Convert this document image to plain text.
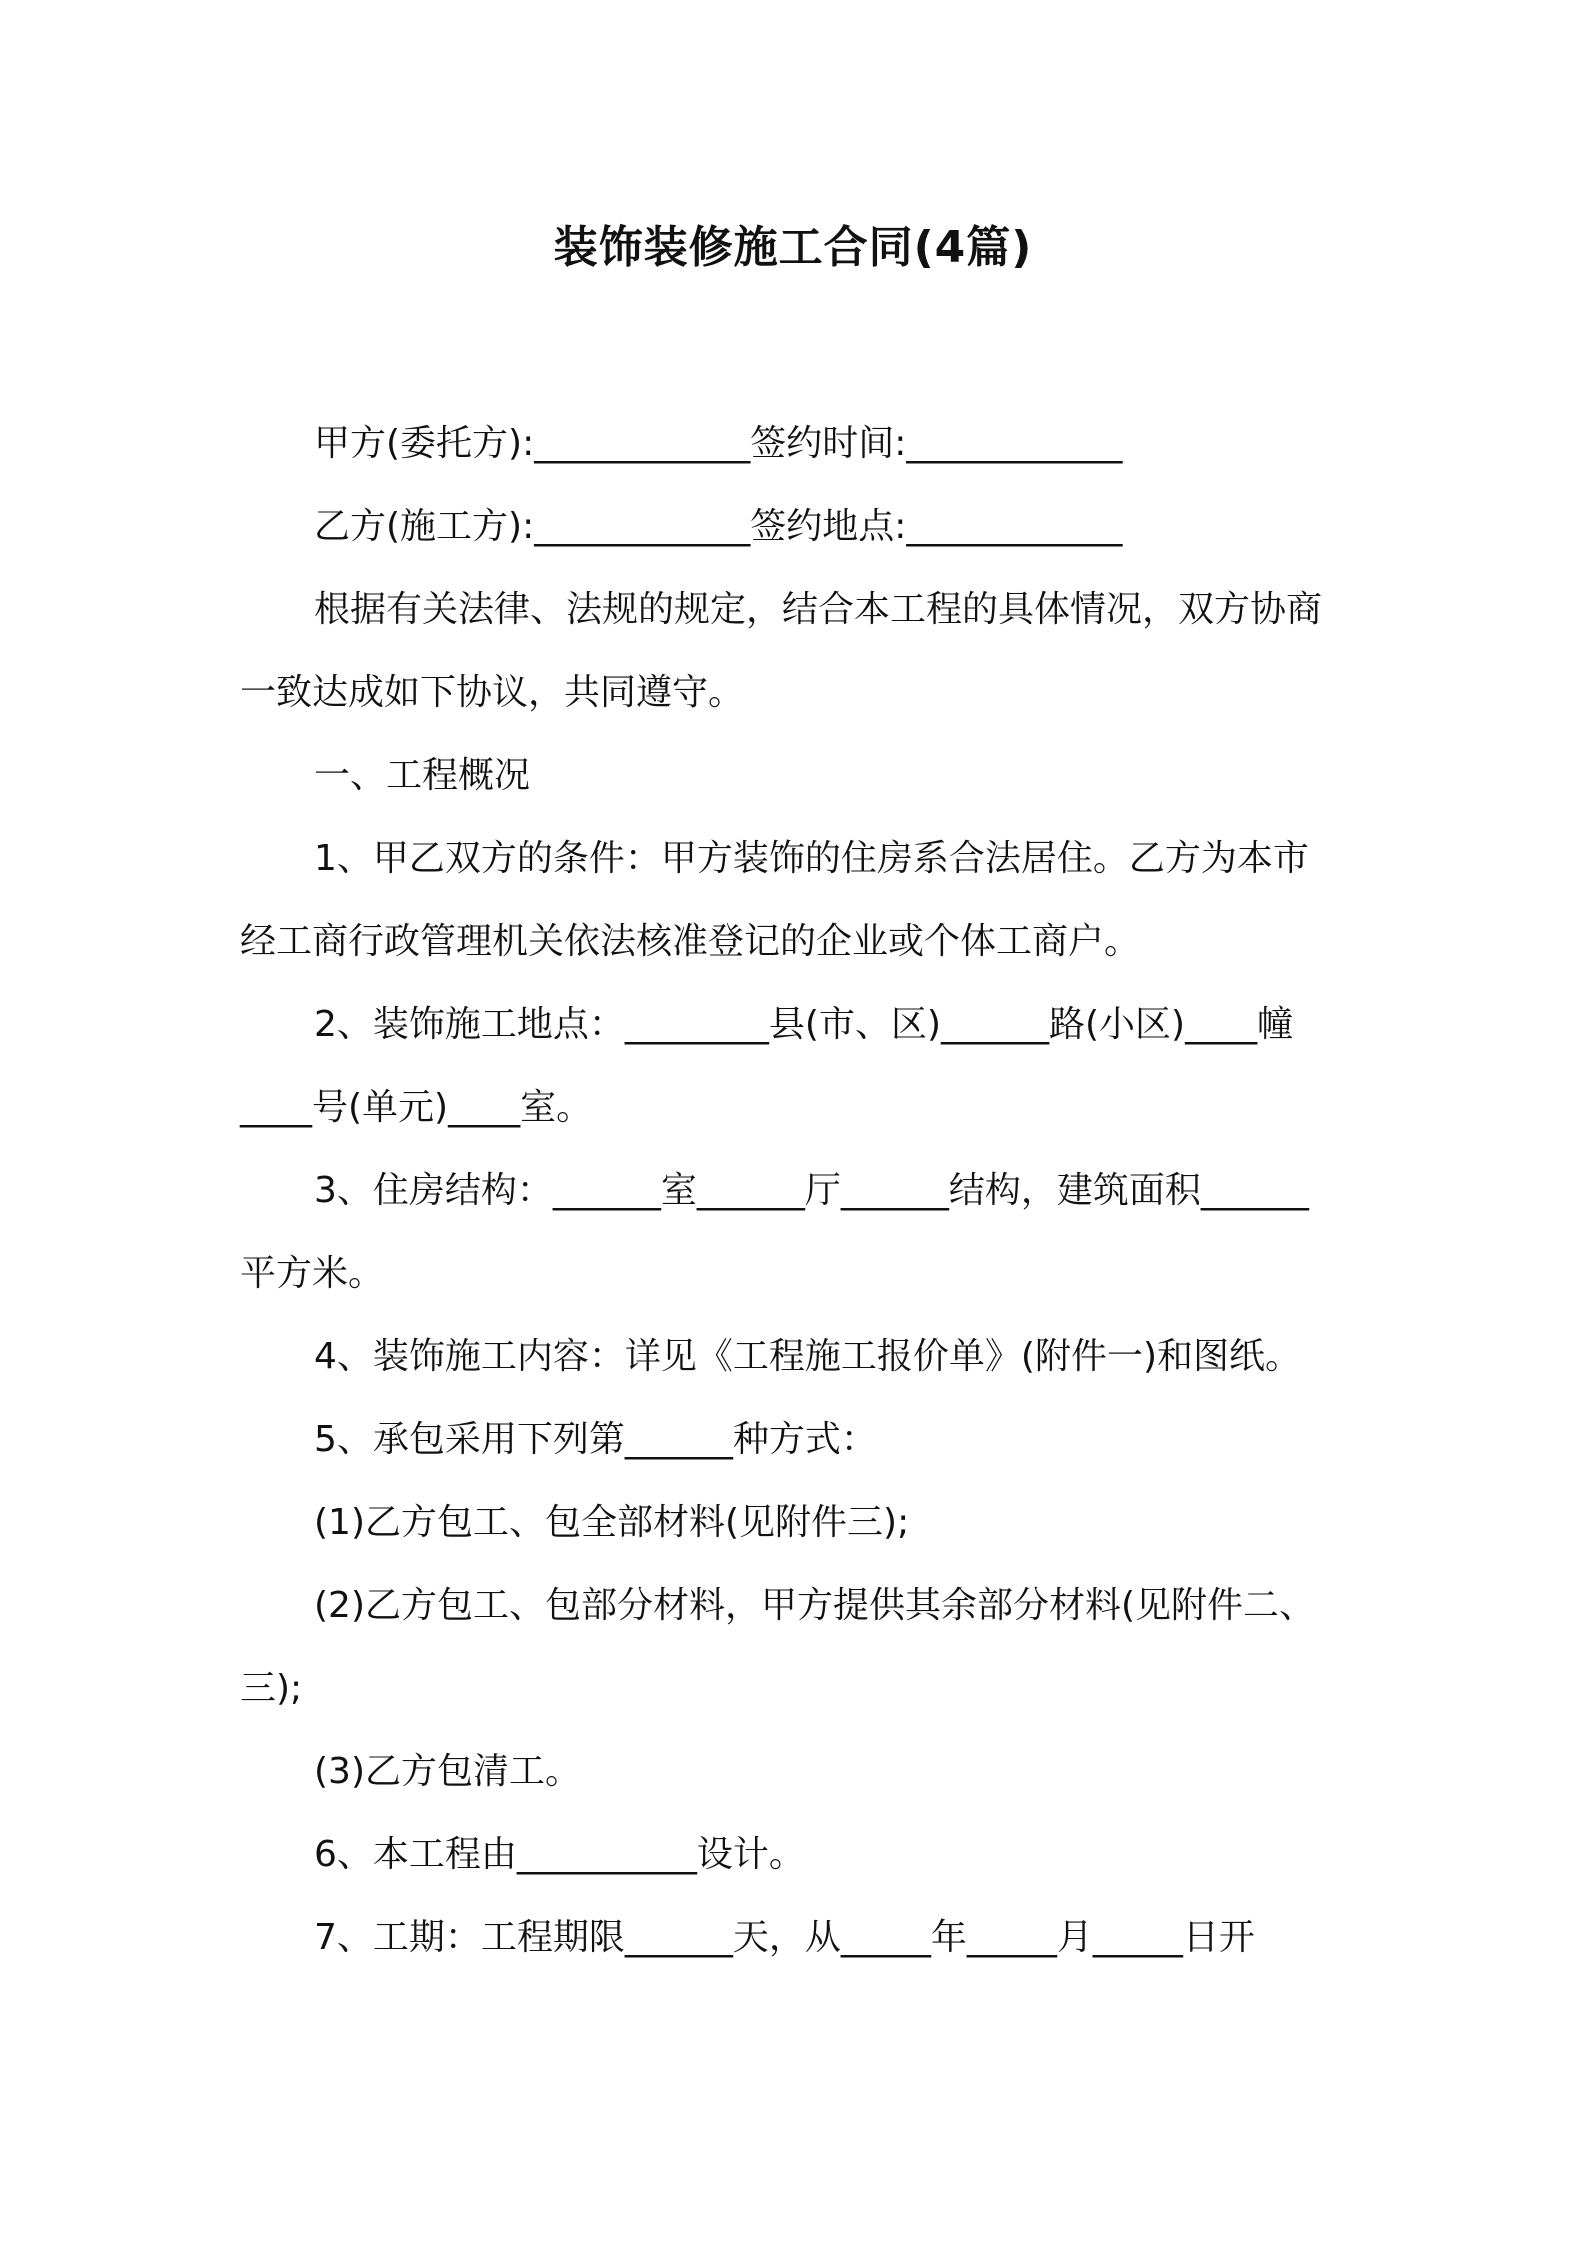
装饰装修施工合同(4篇)

甲方(委托方):____________签约时间:____________

乙方(施工方):____________签约地点:____________

根据有关法律、法规的规定，结合本工程的具体情况，双方协商

一致达成如下协议，共同遵守。

一、工程概况

1、甲乙双方的条件：甲方装饰的住房系合法居住。乙方为本市

经工商行政管理机关依法核准登记的企业或个体工商户。

2、装饰施工地点：________县(市、区)______路(小区)____幢

____号(单元)____室。

3、住房结构：______室______厅______结构，建筑面积______

平方米。

4、装饰施工内容：详见《工程施工报价单》(附件一)和图纸。

5、承包采用下列第______种方式：

(1)乙方包工、包全部材料(见附件三);

(2)乙方包工、包部分材料，甲方提供其余部分材料(见附件二、

三);

(3)乙方包清工。

6、本工程由__________设计。

7、工期：工程期限______天，从_____年_____月_____日开
